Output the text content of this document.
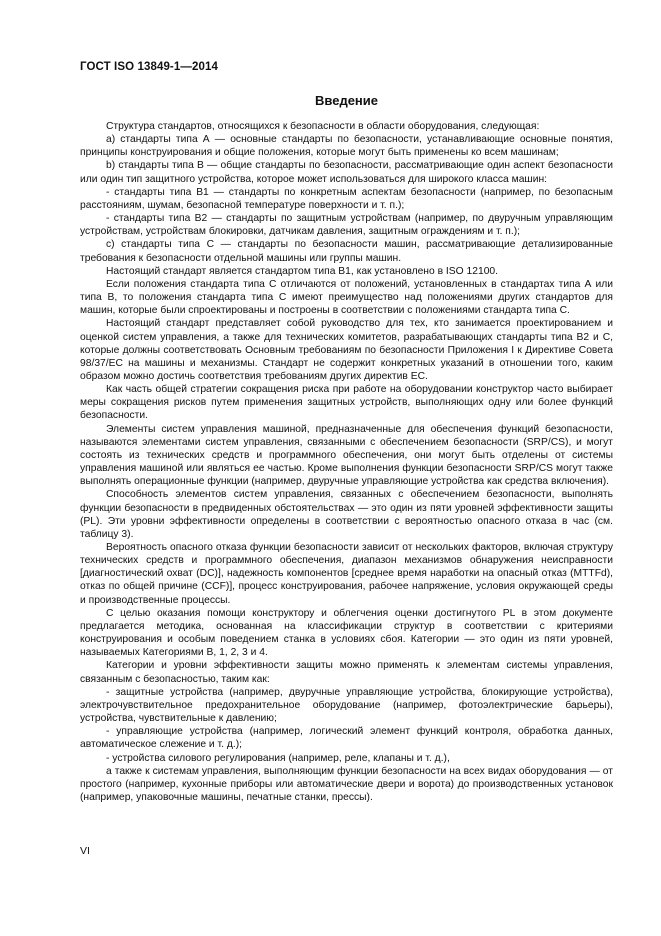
ГОСТ ISO 13849-1—2014
Введение

Структура стандартов, относящихся к безопасности в области оборудования, следующая:

а) стандарты типа А — основные стандарты по безопасности, устанавливающие основные понятия, принципы конструирования и общие положения, которые могут быть применены ко всем машинам;

b) стандарты типа В — общие стандарты по безопасности, рассматривающие один аспект безопасности или один тип защитного устройства, которое может использоваться для широкого класса машин:

- стандарты типа В1 — стандарты по конкретным аспектам безопасности (например, по безопасным расстояниям, шумам, безопасной температуре поверхности и т. п.);

- стандарты типа В2 — стандарты по защитным устройствам (например, по двуручным управляющим устройствам, устройствам блокировки, датчикам давления, защитным ограждениям и т. п.);

с) стандарты типа С — стандарты по безопасности машин, рассматривающие детализированные требования к безопасности отдельной машины или группы машин.

Настоящий стандарт является стандартом типа В1, как установлено в ISO 12100.

Если положения стандарта типа С отличаются от положений, установленных в стандартах типа А или типа В, то положения стандарта типа С имеют преимущество над положениями других стандартов для машин, которые были спроектированы и построены в соответствии с положениями стандарта типа С.

Настоящий стандарт представляет собой руководство для тех, кто занимается проектированием и оценкой систем управления, а также для технических комитетов, разрабатывающих стандарты типа В2 и С, которые должны соответствовать Основным требованиям по безопасности Приложения I к Директиве Совета 98/37/ЕС на машины и механизмы. Стандарт не содержит конкретных указаний в отношении того, каким образом можно достичь соответствия требованиям других директив ЕС.

Как часть общей стратегии сокращения риска при работе на оборудовании конструктор часто выбирает меры сокращения рисков путем применения защитных устройств, выполняющих одну или более функций безопасности.

Элементы систем управления машиной, предназначенные для обеспечения функций безопасности, называются элементами систем управления, связанными с обеспечением безопасности (SRP/CS), и могут состоять из технических средств и программного обеспечения, они могут быть отделены от системы управления машиной или являться ее частью. Кроме выполнения функции безопасности SRP/CS могут также выполнять операционные функции (например, двуручные управляющие устройства как средства включения).

Способность элементов систем управления, связанных с обеспечением безопасности, выполнять функции безопасности в предвиденных обстоятельствах — это один из пяти уровней эффективности защиты (PL). Эти уровни эффективности определены в соответствии с вероятностью опасного отказа в час (см. таблицу 3).

Вероятность опасного отказа функции безопасности зависит от нескольких факторов, включая структуру технических средств и программного обеспечения, диапазон механизмов обнаружения неисправности [диагностический охват (DC)], надежность компонентов [среднее время наработки на опасный отказ (MTTFd), отказ по общей причине (CCF)], процесс конструирования, рабочее напряжение, условия окружающей среды и производственные процессы.

С целью оказания помощи конструктору и облегчения оценки достигнутого PL в этом документе предлагается методика, основанная на классификации структур в соответствии с критериями конструирования и особым поведением станка в условиях сбоя. Категории — это один из пяти уровней, называемых Категориями В, 1, 2, 3 и 4.

Категории и уровни эффективности защиты можно применять к элементам системы управления, связанным с безопасностью, таким как:

- защитные устройства (например, двуручные управляющие устройства, блокирующие устройства), электрочувствительное предохранительное оборудование (например, фотоэлектрические барьеры), устройства, чувствительные к давлению;

- управляющие устройства (например, логический элемент функций контроля, обработка данных, автоматическое слежение и т. д.);

- устройства силового регулирования (например, реле, клапаны и т. д.),

а также к системам управления, выполняющим функции безопасности на всех видах оборудования — от простого (например, кухонные приборы или автоматические двери и ворота) до производственных установок (например, упаковочные машины, печатные станки, прессы).

VI
